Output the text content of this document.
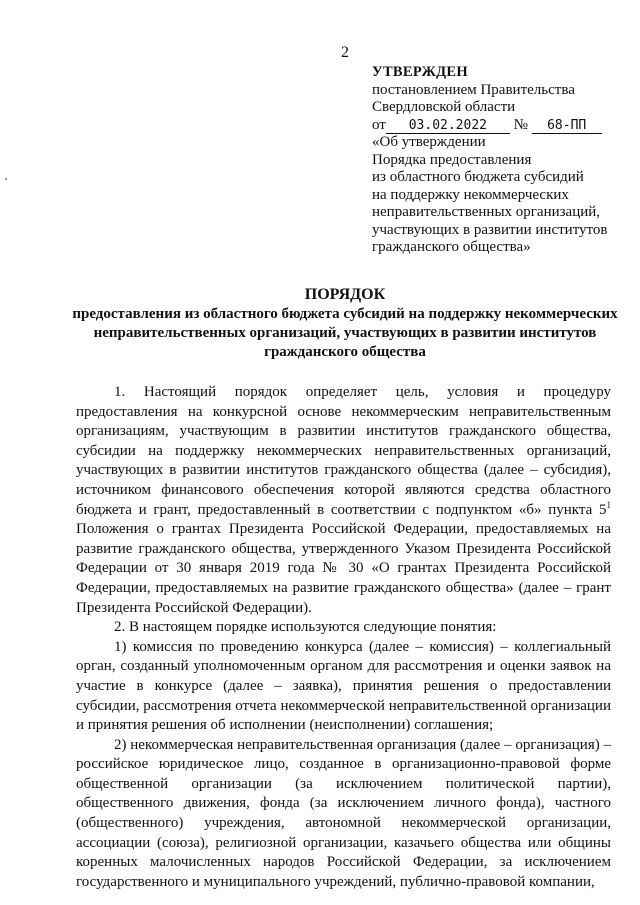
2
УТВЕРЖДЕН
постановлением Правительства
Свердловской области
от 03.02.2022 № 68-ПП
«Об утверждении
Порядка предоставления
из областного бюджета субсидий
на поддержку некоммерческих
неправительственных организаций,
участвующих в развитии институтов
гражданского общества»
ПОРЯДОК
предоставления из областного бюджета субсидий на поддержку некоммерческих неправительственных организаций, участвующих в развитии институтов гражданского общества

1. Настоящий порядок определяет цель, условия и процедуру предоставления на конкурсной основе некоммерческим неправительственным организациям, участвующим в развитии институтов гражданского общества, субсидии на поддержку некоммерческих неправительственных организаций, участвующих в развитии институтов гражданского общества (далее – субсидия), источником финансового обеспечения которой являются средства областного бюджета и грант, предоставленный в соответствии с подпунктом «б» пункта $5^1$ Положения о грантах Президента Российской Федерации, предоставляемых на развитие гражданского общества, утвержденного Указом Президента Российской Федерации от 30 января 2019 года № 30 «О грантах Президента Российской Федерации, предоставляемых на развитие гражданского общества» (далее – грант Президента Российской Федерации).

2. В настоящем порядке используются следующие понятия:

1) комиссия по проведению конкурса (далее – комиссия) – коллегиальный орган, созданный уполномоченным органом для рассмотрения и оценки заявок на участие в конкурсе (далее – заявка), принятия решения о предоставлении субсидии, рассмотрения отчета некоммерческой неправительственной организации и принятия решения об исполнении (неисполнении) соглашения;

2) некоммерческая неправительственная организация (далее – организация) – российское юридическое лицо, созданное в организационно-правовой форме общественной организации (за исключением политической партии), общественного движения, фонда (за исключением личного фонда), частного (общественного) учреждения, автономной некоммерческой организации, ассоциации (союза), религиозной организации, казачьего общества или общины коренных малочисленных народов Российской Федерации, за исключением государственного и муниципального учреждений, публично-правовой компании,
